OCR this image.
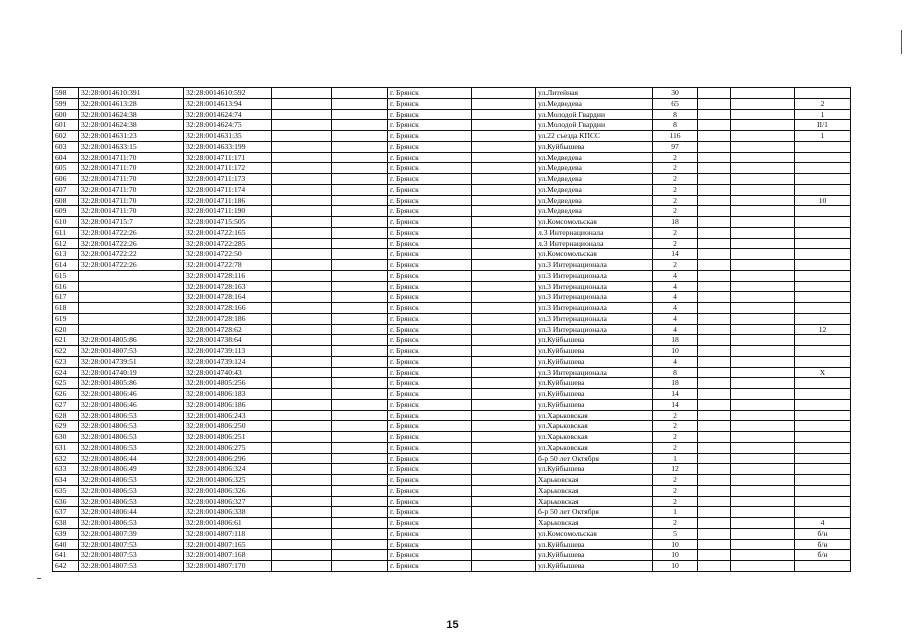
598	32:28:0014610:391	32:28:0014610:592			г. Брянск		ул.Литейная	30			
599	32:28:0014613:28	32:28:0014613:94			г. Брянск		ул.Медведева	65			2
600	32:28:0014624:38	32:28:0014624:74			г. Брянск		ул.Молодой Гвардии	8			1
601	32:28:0014624:38	32:28:0014624:75			г. Брянск		ул.Молодой Гвардии	8			II/1
602	32:28:0014631:23	32:28:0014631:35			г. Брянск		ул.22 съезда КПСС	116			1
603	32:28:0014633:15	32:28:0014633:199			г. Брянск		ул.Куйбышева	97			
604	32:28:0014711:70	32:28:0014711:171			г. Брянск		ул.Медведева	2			
605	32:28:0014711:70	32:28:0014711:172			г. Брянск		ул.Медведева	2			
606	32:28:0014711:70	32:28:0014711:173			г. Брянск		ул.Медведева	2			
607	32:28:0014711:70	32:28:0014711:174			г. Брянск		ул.Медведева	2			
608	32:28:0014711:70	32:28:0014711:186			г. Брянск		ул.Медведева	2			10
609	32:28:0014711:70	32:28:0014711:190			г. Брянск		ул.Медведева	2			
610	32:28:0014715:7	32:28:0014715:505			г. Брянск		ул.Комсомольская	18			
611	32:28:0014722:26	32:28:0014722:165			г. Брянск		л.3 Интернационала	2			
612	32:28:0014722:26	32:28:0014722:285			г. Брянск		л.3 Интернационала	2			
613	32:28:0014722:22	32:28:0014722:50			г. Брянск		ул.Комсомольская	14			
614	32:28:0014722:26	32:28:0014722:78			г. Брянск		ул.3 Интернационала	2			
615		32:28:0014728:116			г. Брянск		ул.3 Интернационала	4			
616		32:28:0014728:163			г. Брянск		ул.3 Интернационала	4			
617		32:28:0014728:164			г. Брянск		ул.3 Интернационала	4			
618		32:28:0014728:166			г. Брянск		ул.3 Интернационала	4			
619		32:28:0014728:186			г. Брянск		ул.3 Интернационала	4			
620		32:28:0014728:62			г. Брянск		ул.3 Интернационала	4			12
621	32:28:0014805:86	32:28:0014738:64			г. Брянск		ул.Куйбышева	18			
622	32:28:0014807:53	32:28:0014739:113			г. Брянск		ул.Куйбышева	10			
623	32:28:0014739:51	32:28:0014739:124			г. Брянск		ул.Куйбышева	4			
624	32:28:0014740:19	32:28:0014740:43			г. Брянск		ул.3 Интернационала	8			X
625	32:28:0014805:86	32:28:0014805:256			г. Брянск		ул.Куйбышева	18			
626	32:28:0014806:46	32:28:0014806:183			г. Брянск		ул.Куйбышева	14			
627	32:28:0014806:46	32:28:0014806:186			г. Брянск		ул.Куйбышева	14			
628	32:28:0014806:53	32:28:0014806:243			г. Брянск		ул.Харьковская	2			
629	32:28:0014806:53	32:28:0014806:250			г. Брянск		ул.Харьковская	2			
630	32:28:0014806:53	32:28:0014806:251			г. Брянск		ул.Харьковская	2			
631	32:28:0014806:53	32:28:0014806:275			г. Брянск		ул.Харьковская	2			
632	32:28:0014806:44	32:28:0014806:296			г. Брянск		б-р 50 лет Октября	1			
633	32:28:0014806:49	32:28:0014806:324			г. Брянск		ул.Куйбышева	12			
634	32:28:0014806:53	32:28:0014806:325			г. Брянск		Харьковская	2			
635	32:28:0014806:53	32:28:0014806:326			г. Брянск		Харьковская	2			
636	32:28:0014806:53	32:28:0014806:327			г. Брянск		Харьковская	2			
637	32:28:0014806:44	32:28:0014806:338			г. Брянск		б-р 50 лет Октября	1			
638	32:28:0014806:53	32:28:0014806:61			г. Брянск		Харьковская	2			4
639	32:28:0014807:39	32:28:0014807:118			г. Брянск		ул.Комсомольская	5			б/н
640	32:28:0014807:53	32:28:0014807:165			г. Брянск		ул.Куйбышева	10			б/н
641	32:28:0014807:53	32:28:0014807:168			г. Брянск		ул.Куйбышева	10			б/н
642	32:28:0014807:53	32:28:0014807:170			г. Брянск		ул.Куйбышева	10			
15
